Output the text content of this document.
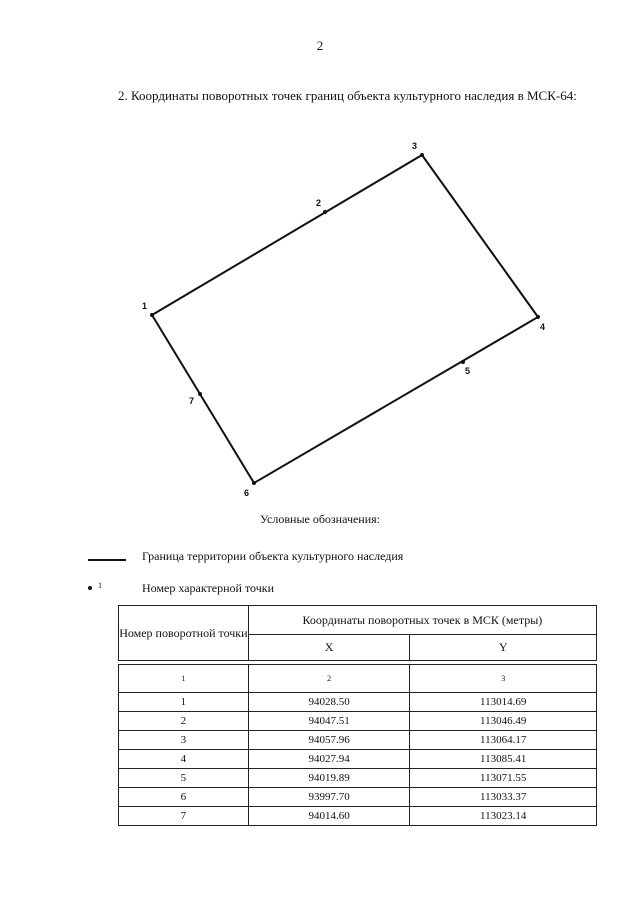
2
2. Координаты поворотных точек границ объекта культурного наследия в МСК-64:
1
2
3
4
5
6
7
Условные обозначения:
Граница территории объекта культурного наследия
1	Номер характерной точки
Номер поворотной точки	Координаты поворотных точек в МСК (метры)	
	X	Y

1	2	3
1	94028.50	113014.69
2	94047.51	113046.49
3	94057.96	113064.17
4	94027.94	113085.41
5	94019.89	113071.55
6	93997.70	113033.37
7	94014.60	113023.14
